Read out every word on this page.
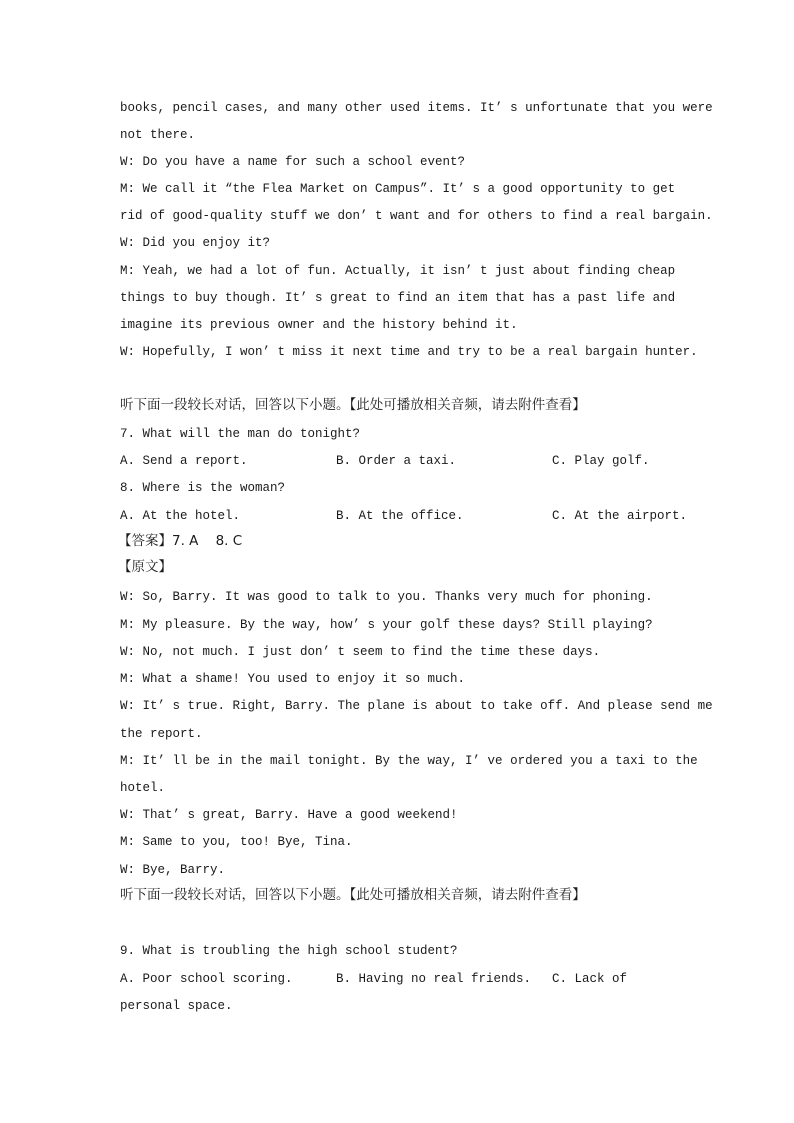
books, pencil cases, and many other used items. It’ s unfortunate that you were
not there.
W: Do you have a name for such a school event?
M: We call it “the Flea Market on Campus”. It’ s a good opportunity to get
rid of good-quality stuff we don’ t want and for others to find a real bargain.
W: Did you enjoy it?
M: Yeah, we had a lot of fun. Actually, it isn’ t just about finding cheap
things to buy though. It’ s great to find an item that has a past life and
imagine its previous owner and the history behind it.
W: Hopefully, I won’ t miss it next time and try to be a real bargain hunter.
听下面一段较长对话，回答以下小题。【此处可播放相关音频，请去附件查看】
7. What will the man do tonight?
A. Send a report.	B. Order a taxi.	C. Play golf.
8. Where is the woman?
A. At the hotel.	B. At the office.	C. At the airport.
【答案】7. A    8. C
【原文】
W: So, Barry. It was good to talk to you. Thanks very much for phoning.
M: My pleasure. By the way, how’ s your golf these days? Still playing?
W: No, not much. I just don’ t seem to find the time these days.
M: What a shame! You used to enjoy it so much.
W: It’ s true. Right, Barry. The plane is about to take off. And please send me
the report.
M: It’ ll be in the mail tonight. By the way, I’ ve ordered you a taxi to the
hotel.
W: That’ s great, Barry. Have a good weekend!
M: Same to you, too! Bye, Tina.
W: Bye, Barry.
听下面一段较长对话，回答以下小题。【此处可播放相关音频，请去附件查看】
9. What is troubling the high school student?
A. Poor school scoring.	B. Having no real friends. C. Lack of
personal space.
